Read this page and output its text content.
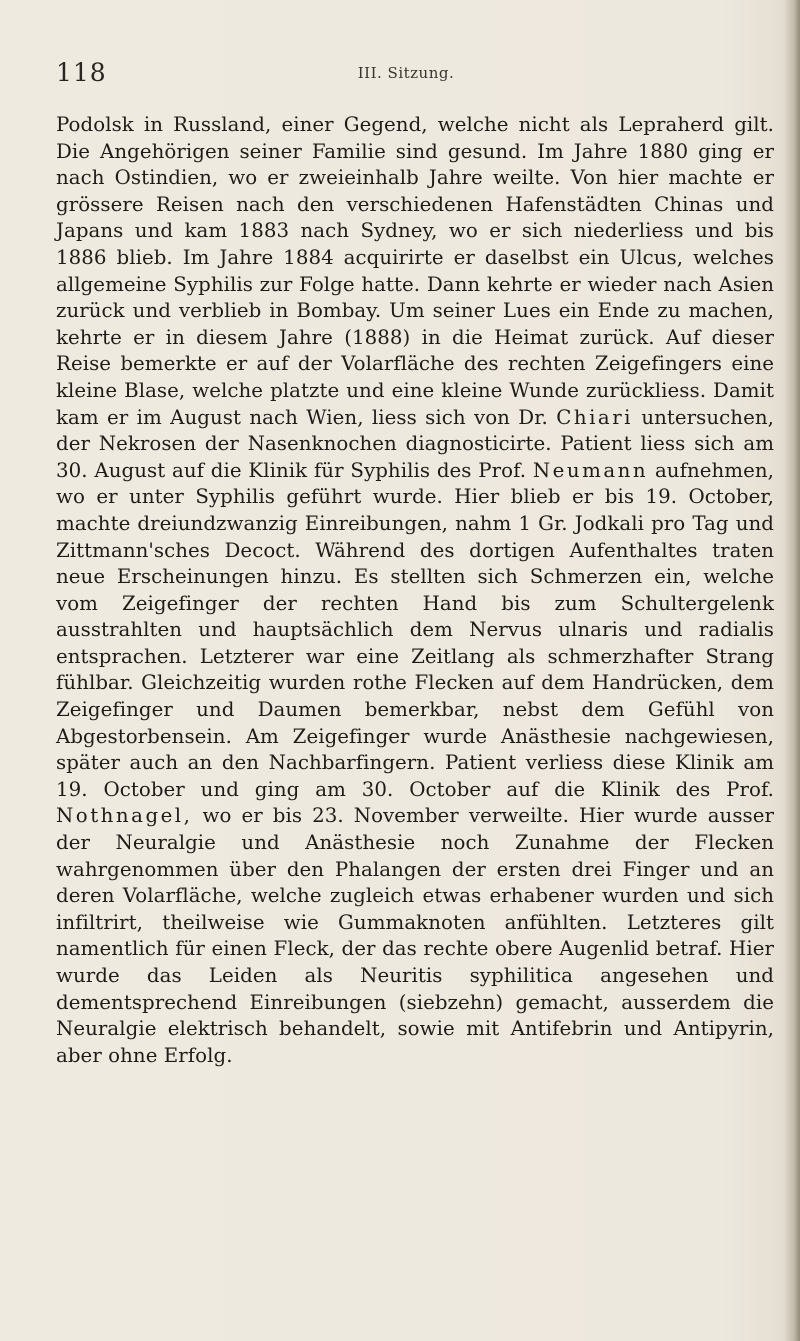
118	III. Sitzung.

Podolsk in Russland, einer Gegend, welche nicht als Lepraherd gilt. Die Angehörigen seiner Familie sind gesund. Im Jahre 1880 ging er nach Ostindien, wo er zweieinhalb Jahre weilte. Von hier machte er grössere Reisen nach den verschiedenen Hafenstädten Chinas und Japans und kam 1883 nach Sydney, wo er sich niederliess und bis 1886 blieb. Im Jahre 1884 acquirirte er daselbst ein Ulcus, welches allgemeine Syphilis zur Folge hatte. Dann kehrte er wieder nach Asien zurück und verblieb in Bombay. Um seiner Lues ein Ende zu machen, kehrte er in diesem Jahre (1888) in die Heimat zurück. Auf dieser Reise bemerkte er auf der Volarfläche des rechten Zeigefingers eine kleine Blase, welche platzte und eine kleine Wunde zurückliess. Damit kam er im August nach Wien, liess sich von Dr. Chiari untersuchen, der Nekrosen der Nasenknochen diagnosticirte. Patient liess sich am 30. August auf die Klinik für Syphilis des Prof. Neumann aufnehmen, wo er unter Syphilis geführt wurde. Hier blieb er bis 19. October, machte dreiundzwanzig Einreibungen, nahm 1 Gr. Jodkali pro Tag und Zittmann'sches Decoct. Während des dortigen Aufenthaltes traten neue Erscheinungen hinzu. Es stellten sich Schmerzen ein, welche vom Zeigefinger der rechten Hand bis zum Schultergelenk ausstrahlten und hauptsächlich dem Nervus ulnaris und radialis entsprachen. Letzterer war eine Zeitlang als schmerzhafter Strang fühlbar. Gleichzeitig wurden rothe Flecken auf dem Handrücken, dem Zeigefinger und Daumen bemerkbar, nebst dem Gefühl von Abgestorbensein. Am Zeigefinger wurde Anästhesie nachgewiesen, später auch an den Nachbarfingern. Patient verliess diese Klinik am 19. October und ging am 30. October auf die Klinik des Prof. Nothnagel, wo er bis 23. November verweilte. Hier wurde ausser der Neuralgie und Anästhesie noch Zunahme der Flecken wahrgenommen über den Phalangen der ersten drei Finger und an deren Volarfläche, welche zugleich etwas erhabener wurden und sich infiltrirt, theilweise wie Gummaknoten anfühlten. Letzteres gilt namentlich für einen Fleck, der das rechte obere Augenlid betraf. Hier wurde das Leiden als Neuritis syphilitica angesehen und dementsprechend Einreibungen (siebzehn) gemacht, ausserdem die Neuralgie elektrisch behandelt, sowie mit Antifebrin und Antipyrin, aber ohne Erfolg.
